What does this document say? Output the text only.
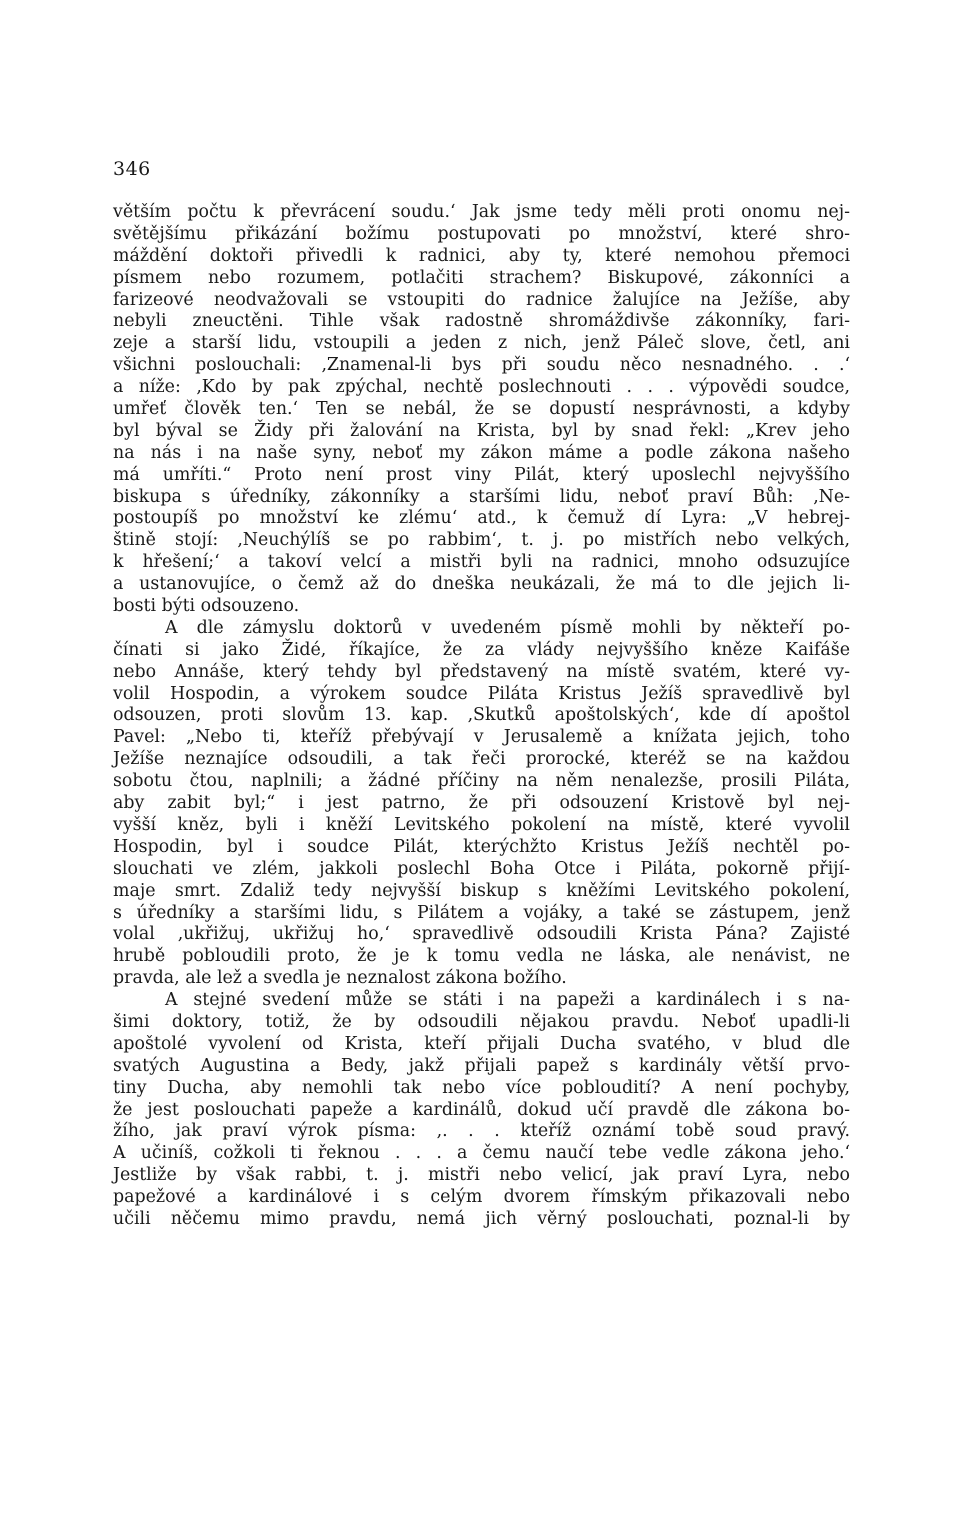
346
větším počtu k převrácení soudu.‘ Jak jsme tedy měli proti onomu nej-
světějšímu přikázání božímu postupovati po množství, které shro-
máždění doktoři přivedli k radnici, aby ty, které nemohou přemoci
písmem nebo rozumem, potlačiti strachem? Biskupové, zákonníci a
farizeové neodvažovali se vstoupiti do radnice žalujíce na Ježíše, aby
nebyli zneuctěni. Tihle však radostně shromáždivše zákonníky, fari-
zeje a starší lidu, vstoupili a jeden z nich, jenž Páleč slove, četl, ani
všichni poslouchali: ‚Znamenal-li bys při soudu něco nesnadného. . .‘
a níže: ‚Kdo by pak zpýchal, nechtě poslechnouti . . . výpovědi soudce,
umřeť člověk ten.‘ Ten se nebál, že se dopustí nesprávnosti, a kdyby
byl býval se Židy při žalování na Krista, byl by snad řekl: „Krev jeho
na nás i na naše syny, neboť my zákon máme a podle zákona našeho
má umříti.“ Proto není prost viny Pilát, který uposlechl nejvyššího
biskupa s úředníky, zákonníky a staršími lidu, neboť praví Bůh: ‚Ne-
postoupíš po množství ke zlému‘ atd., k čemuž dí Lyra: „V hebrej-
štině stojí: ‚Neuchýlíš se po rabbim‘, t. j. po mistřích nebo velkých,
k hřešení;‘ a takoví velcí a mistři byli na radnici, mnoho odsuzujíce
a ustanovujíce, o čemž až do dneška neukázali, že má to dle jejich li-
bosti býti odsouzeno.
A dle zámyslu doktorů v uvedeném písmě mohli by někteří po-
čínati si jako Židé, říkajíce, že za vlády nejvyššího kněze Kaifáše
nebo Annáše, který tehdy byl představený na místě svatém, které vy-
volil Hospodin, a výrokem soudce Piláta Kristus Ježíš spravedlivě byl
odsouzen, proti slovům 13. kap. ‚Skutků apoštolských‘, kde dí apoštol
Pavel: „Nebo ti, kteříž přebývají v Jerusalemě a knížata jejich, toho
Ježíše neznajíce odsoudili, a tak řeči prorocké, kteréž se na každou
sobotu čtou, naplnili; a žádné příčiny na něm nenalezše, prosili Piláta,
aby zabit byl;“ i jest patrno, že při odsouzení Kristově byl nej-
vyšší kněz, byli i kněží Levitského pokolení na místě, které vyvolil
Hospodin, byl i soudce Pilát, kterýchžto Kristus Ježíš nechtěl po-
slouchati ve zlém, jakkoli poslechl Boha Otce i Piláta, pokorně přijí-
maje smrt. Zdaliž tedy nejvyšší biskup s kněžími Levitského pokolení,
s úředníky a staršími lidu, s Pilátem a vojáky, a také se zástupem, jenž
volal ‚ukřižuj, ukřižuj ho,‘ spravedlivě odsoudili Krista Pána? Zajisté
hrubě pobloudili proto, že je k tomu vedla ne láska, ale nenávist, ne
pravda, ale lež a svedla je neznalost zákona božího.
A stejné svedení může se státi i na papeži a kardinálech i s na-
šimi doktory, totiž, že by odsoudili nějakou pravdu. Neboť upadli-li
apoštolé vyvolení od Krista, kteří přijali Ducha svatého, v blud dle
svatých Augustina a Bedy, jakž přijali papež s kardinály větší prvo-
tiny Ducha, aby nemohli tak nebo více pobloudití? A není pochyby,
že jest poslouchati papeže a kardinálů, dokud učí pravdě dle zákona bo-
žího, jak praví výrok písma: ‚. . . kteříž oznámí tobě soud pravý.
A učiníš, cožkoli ti řeknou . . . a čemu naučí tebe vedle zákona jeho.‘
Jestliže by však rabbi, t. j. mistři nebo velicí, jak praví Lyra, nebo
papežové a kardinálové i s celým dvorem římským přikazovali nebo
učili něčemu mimo pravdu, nemá jich věrný poslouchati, poznal-li by
